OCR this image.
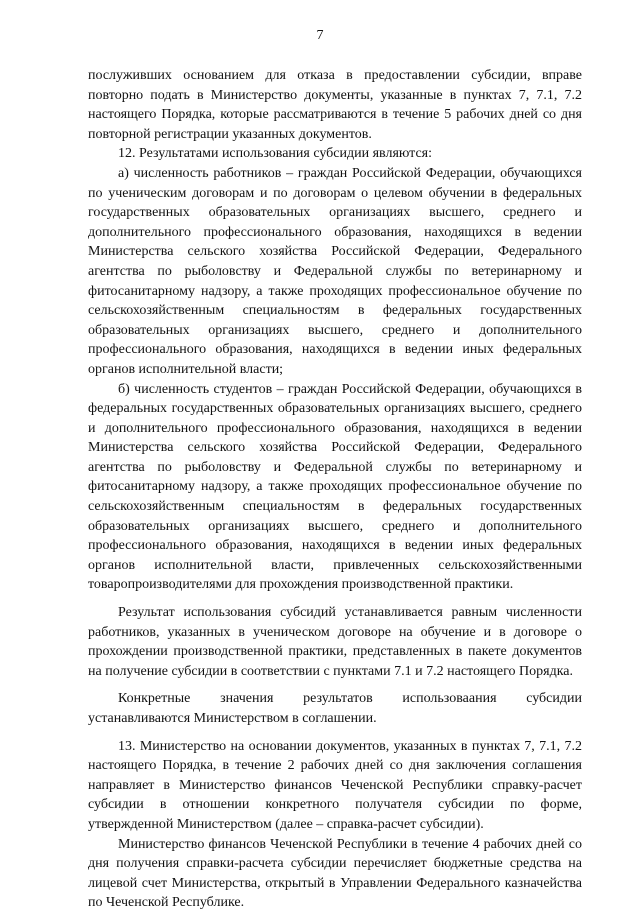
7

послуживших основанием для отказа в предоставлении субсидии, вправе повторно подать в Министерство документы, указанные в пунктах 7, 7.1, 7.2 настоящего Порядка, которые рассматриваются в течение 5 рабочих дней со дня повторной регистрации указанных документов.

12. Результатами использования субсидии являются:

а) численность работников – граждан Российской Федерации, обучающихся по ученическим договорам и по договорам о целевом обучении в федеральных государственных образовательных организациях высшего, среднего и дополнительного профессионального образования, находящихся в ведении Министерства сельского хозяйства Российской Федерации, Федерального агентства по рыболовству и Федеральной службы по ветеринарному и фитосанитарному надзору, а также проходящих профессиональное обучение по сельскохозяйственным специальностям в федеральных государственных образовательных организациях высшего, среднего и дополнительного профессионального образования, находящихся в ведении иных федеральных органов исполнительной власти;

б) численность студентов – граждан Российской Федерации, обучающихся в федеральных государственных образовательных организациях высшего, среднего и дополнительного профессионального образования, находящихся в ведении Министерства сельского хозяйства Российской Федерации, Федерального агентства по рыболовству и Федеральной службы по ветеринарному и фитосанитарному надзору, а также проходящих профессиональное обучение по сельскохозяйственным специальностям в федеральных государственных образовательных организациях высшего, среднего и дополнительного профессионального образования, находящихся в ведении иных федеральных органов исполнительной власти, привлеченных сельскохозяйственными товаропроизводителями для прохождения производственной практики.

Результат использования субсидий устанавливается равным численности работников, указанных в ученическом договоре на обучение и в договоре о прохождении производственной практики, представленных в пакете документов на получение субсидии в соответствии с пунктами 7.1 и 7.2 настоящего Порядка.

Конкретные значения результатов использоваания субсидии устанавливаются Министерством в соглашении.

13. Министерство на основании документов, указанных в пунктах 7, 7.1, 7.2 настоящего Порядка, в течение 2 рабочих дней со дня заключения соглашения направляет в Министерство финансов Чеченской Республики справку-расчет субсидии в отношении конкретного получателя субсидии по форме, утвержденной Министерством (далее – справка-расчет субсидии).

Министерство финансов Чеченской Республики в течение 4 рабочих дней со дня получения справки-расчета субсидии перечисляет бюджетные средства на лицевой счет Министерства, открытый в Управлении Федерального казначейства по Чеченской Республике.
